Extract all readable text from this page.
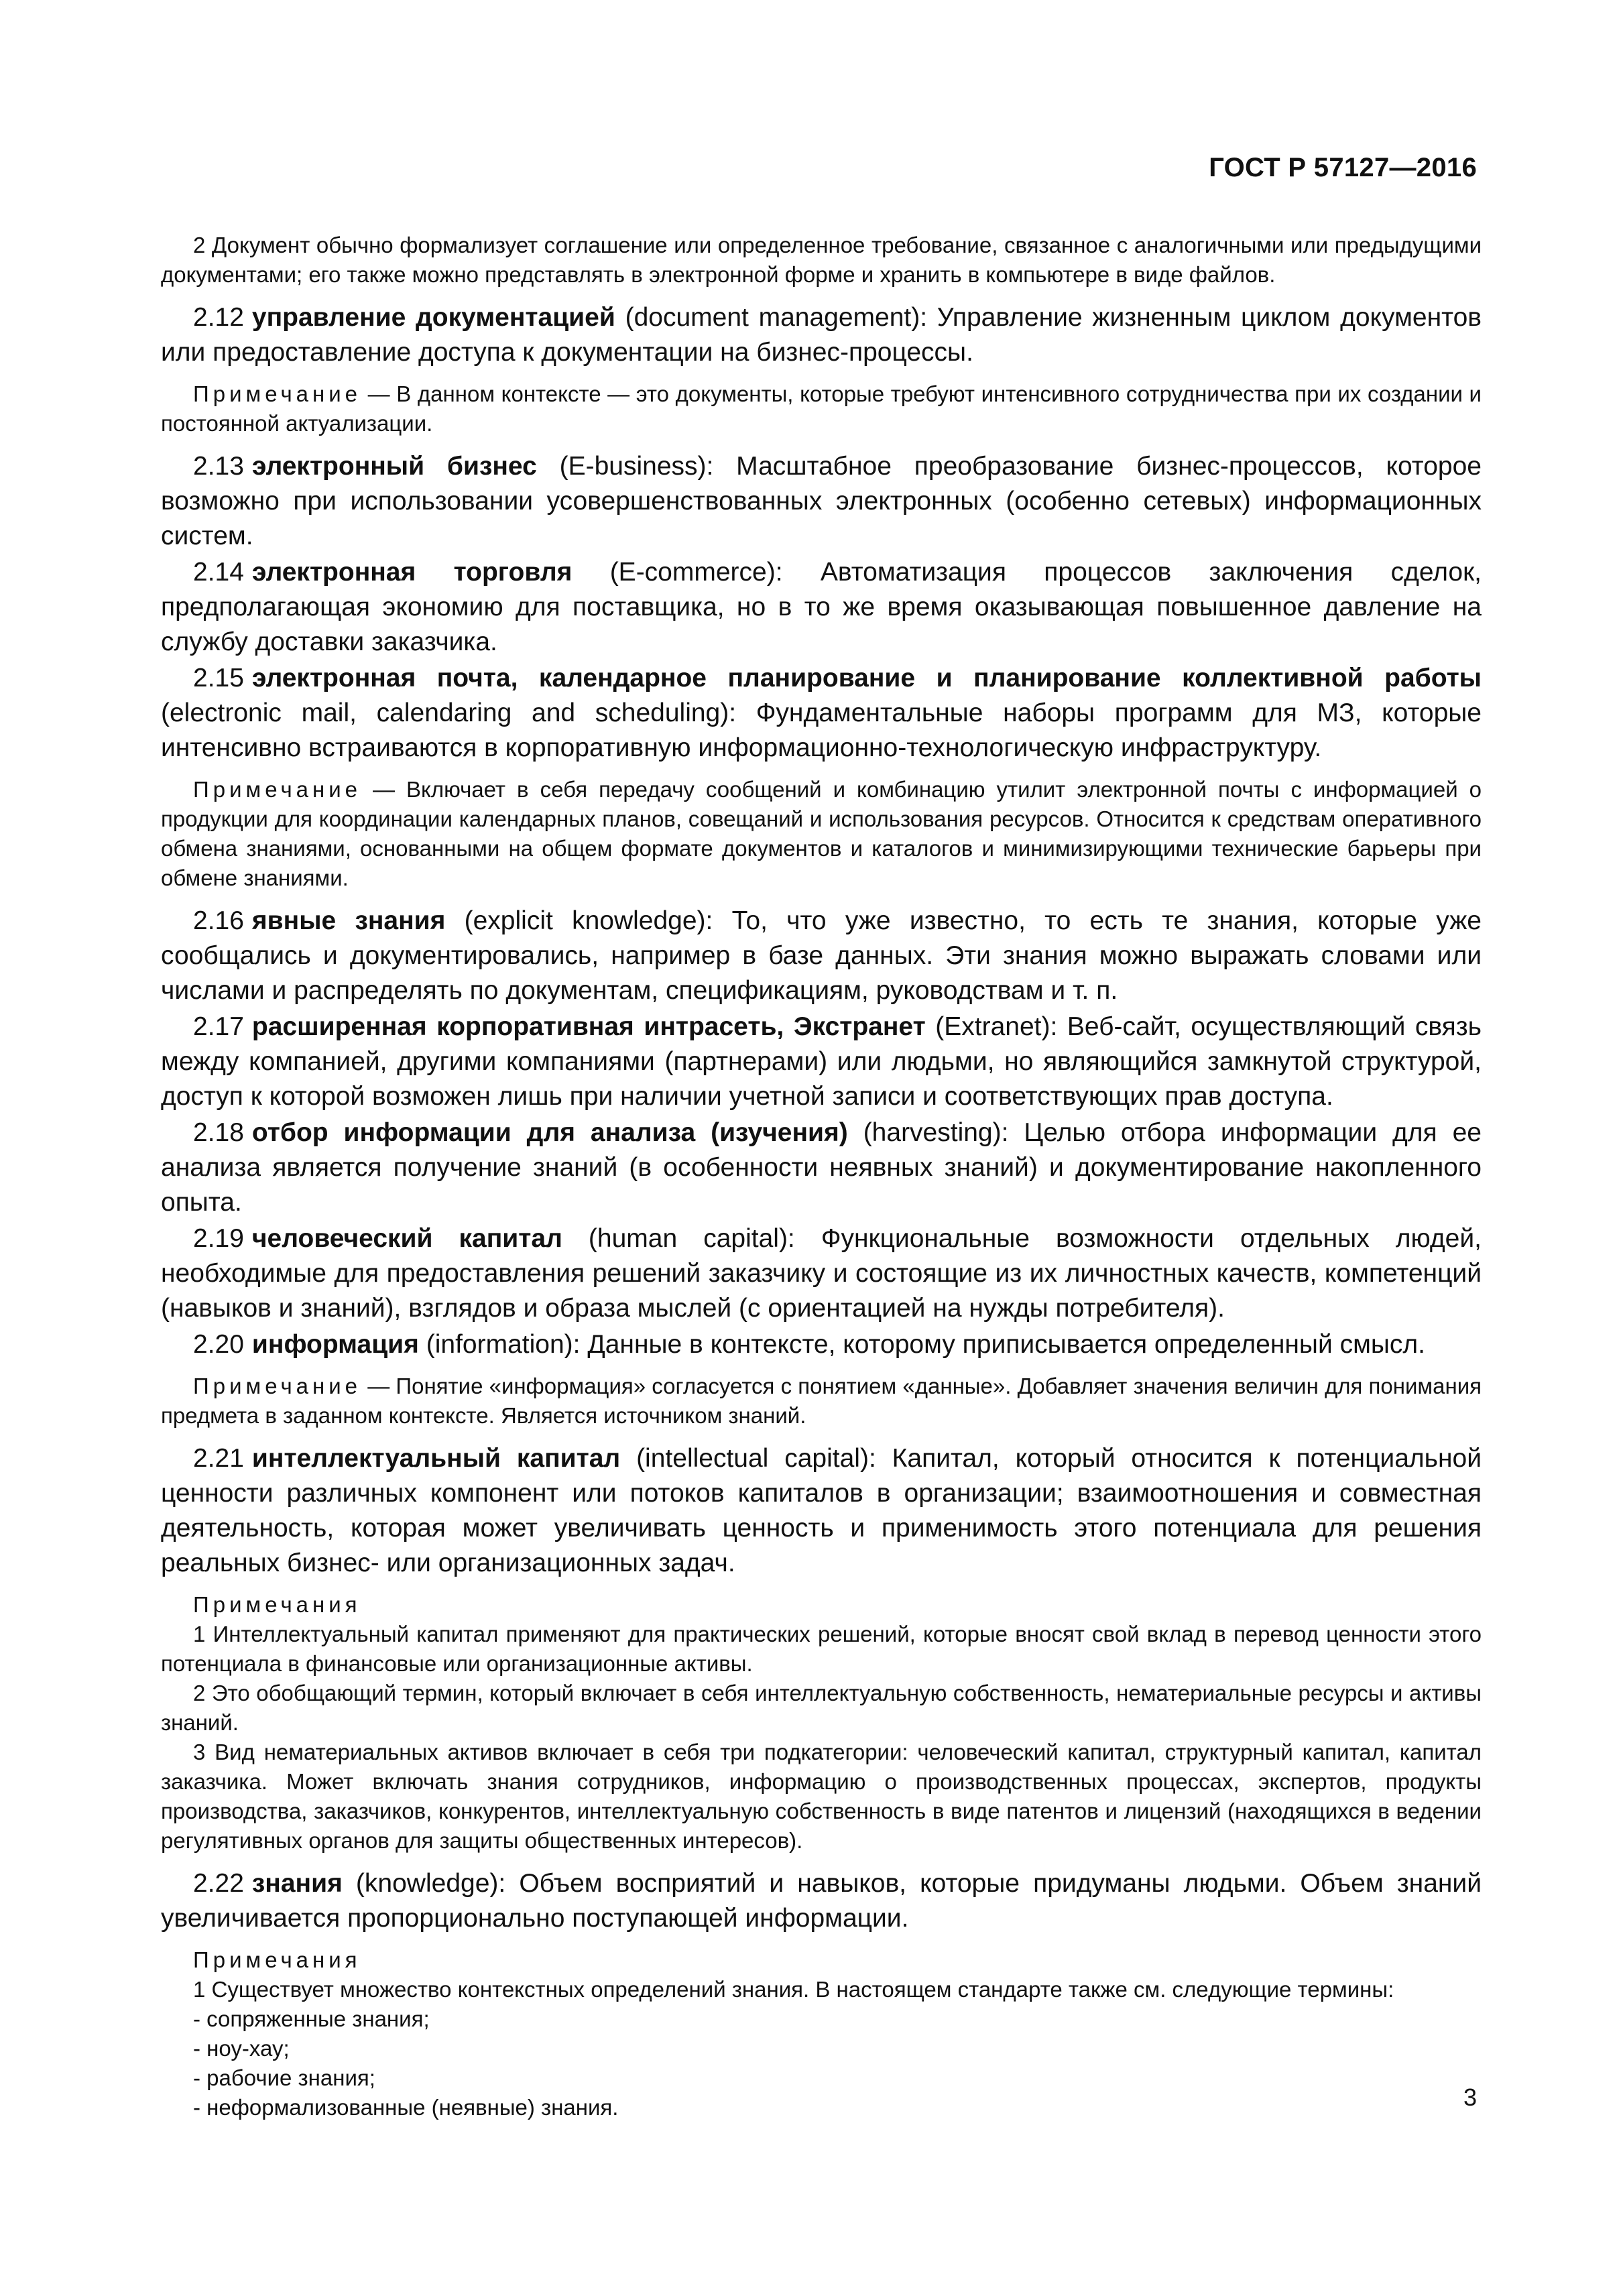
ГОСТ Р 57127—2016

2 Документ обычно формализует соглашение или определенное требование, связанное с аналогичными или предыдущими документами; его также можно представлять в электронной форме и хранить в компьютере в виде файлов.

2.12 управление документацией (document management): Управление жизненным циклом документов или предоставление доступа к документации на бизнес-процессы.

Примечание — В данном контексте — это документы, которые требуют интенсивного сотрудничества при их создании и постоянной актуализации.

2.13 электронный бизнес (E-business): Масштабное преобразование бизнес-процессов, которое возможно при использовании усовершенствованных электронных (особенно сетевых) информационных систем.

2.14 электронная торговля (E-commerce): Автоматизация процессов заключения сделок, предполагающая экономию для поставщика, но в то же время оказывающая повышенное давление на службу доставки заказчика.

2.15 электронная почта, календарное планирование и планирование коллективной работы (electronic mail, calendaring and scheduling): Фундаментальные наборы программ для МЗ, которые интенсивно встраиваются в корпоративную информационно-технологическую инфраструктуру.

Примечание — Включает в себя передачу сообщений и комбинацию утилит электронной почты с информацией о продукции для координации календарных планов, совещаний и использования ресурсов. Относится к средствам оперативного обмена знаниями, основанными на общем формате документов и каталогов и минимизирующими технические барьеры при обмене знаниями.

2.16 явные знания (explicit knowledge): То, что уже известно, то есть те знания, которые уже сообщались и документировались, например в базе данных. Эти знания можно выражать словами или числами и распределять по документам, спецификациям, руководствам и т. п.

2.17 расширенная корпоративная интрасеть, Экстранет (Extranet): Веб-сайт, осуществляющий связь между компанией, другими компаниями (партнерами) или людьми, но являющийся замкнутой структурой, доступ к которой возможен лишь при наличии учетной записи и соответствующих прав доступа.

2.18 отбор информации для анализа (изучения) (harvesting): Целью отбора информации для ее анализа является получение знаний (в особенности неявных знаний) и документирование накопленного опыта.

2.19 человеческий капитал (human capital): Функциональные возможности отдельных людей, необходимые для предоставления решений заказчику и состоящие из их личностных качеств, компетенций (навыков и знаний), взглядов и образа мыслей (с ориентацией на нужды потребителя).

2.20 информация (information): Данные в контексте, которому приписывается определенный смысл.

Примечание — Понятие «информация» согласуется с понятием «данные». Добавляет значения величин для понимания предмета в заданном контексте. Является источником знаний.

2.21 интеллектуальный капитал (intellectual capital): Капитал, который относится к потенциальной ценности различных компонент или потоков капиталов в организации; взаимоотношения и совместная деятельность, которая может увеличивать ценность и применимость этого потенциала для решения реальных бизнес- или организационных задач.

Примечания

1 Интеллектуальный капитал применяют для практических решений, которые вносят свой вклад в перевод ценности этого потенциала в финансовые или организационные активы.

2 Это обобщающий термин, который включает в себя интеллектуальную собственность, нематериальные ресурсы и активы знаний.

3 Вид нематериальных активов включает в себя три подкатегории: человеческий капитал, структурный капитал, капитал заказчика. Может включать знания сотрудников, информацию о производственных процессах, экспертов, продукты производства, заказчиков, конкурентов, интеллектуальную собственность в виде патентов и лицензий (находящихся в ведении регулятивных органов для защиты общественных интересов).

2.22 знания (knowledge): Объем восприятий и навыков, которые придуманы людьми. Объем знаний увеличивается пропорционально поступающей информации.

Примечания

1 Существует множество контекстных определений знания. В настоящем стандарте также см. следующие термины:

- сопряженные знания;
- ноу-хау;
- рабочие знания;
- неформализованные (неявные) знания.	3
